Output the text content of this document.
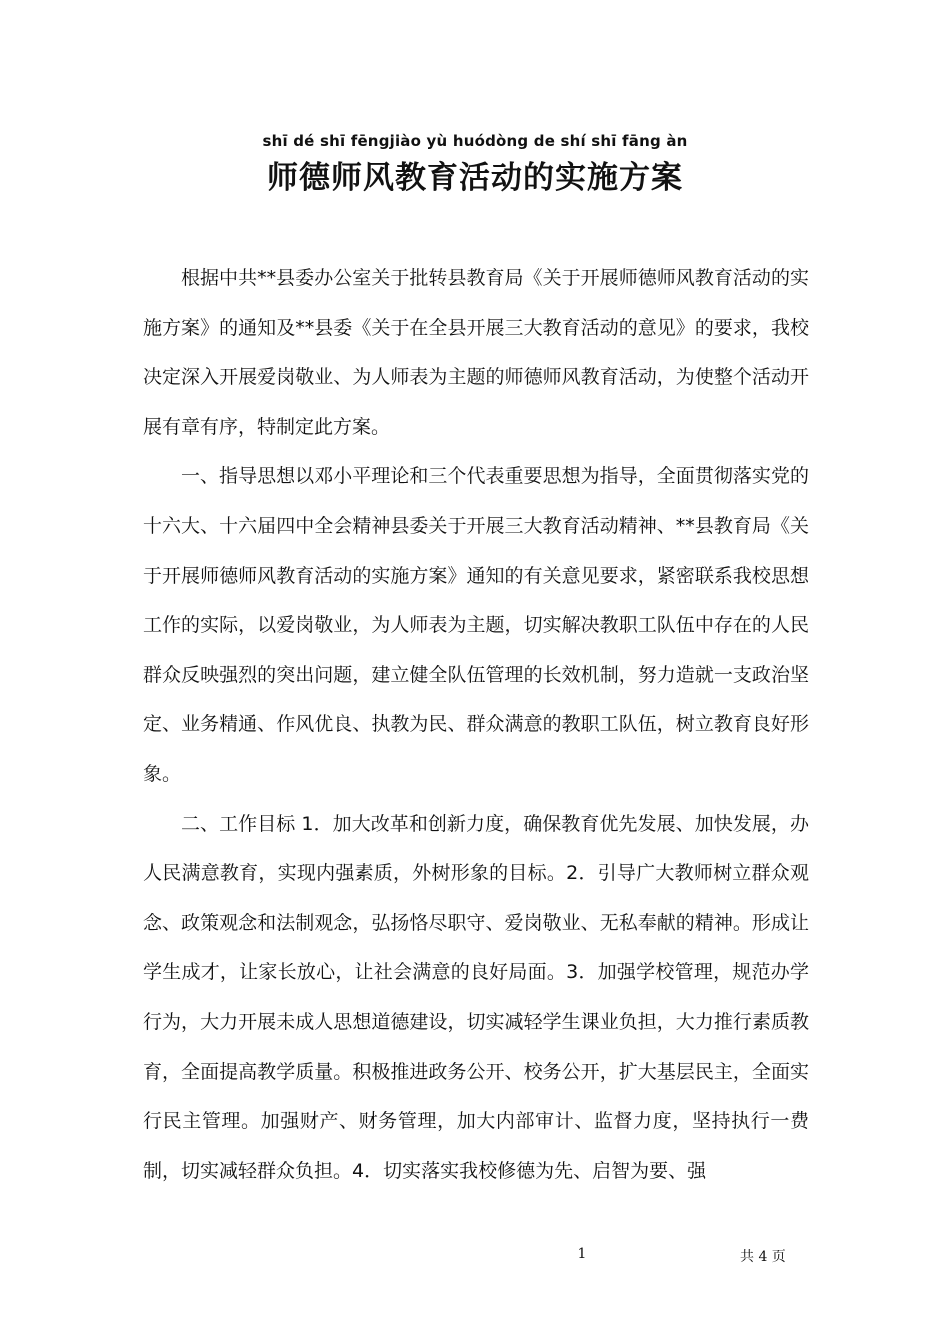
shī dé shī fēngjiào yù huódòng de shí shī fāng àn
师德师风教育活动的实施方案

根据中共**县委办公室关于批转县教育局《关于开展师德师风教育活动的实施方案》的通知及**县委《关于在全县开展三大教育活动的意见》的要求，我校决定深入开展爱岗敬业、为人师表为主题的师德师风教育活动，为使整个活动开展有章有序，特制定此方案。

一、指导思想以邓小平理论和三个代表重要思想为指导，全面贯彻落实党的十六大、十六届四中全会精神县委关于开展三大教育活动精神、**县教育局《关于开展师德师风教育活动的实施方案》通知的有关意见要求，紧密联系我校思想工作的实际，以爱岗敬业，为人师表为主题，切实解决教职工队伍中存在的人民群众反映强烈的突出问题，建立健全队伍管理的长效机制，努力造就一支政治坚定、业务精通、作风优良、执教为民、群众满意的教职工队伍，树立教育良好形象。

二、工作目标 1．加大改革和创新力度，确保教育优先发展、加快发展，办人民满意教育，实现内强素质，外树形象的目标。2．引导广大教师树立群众观念、政策观念和法制观念，弘扬恪尽职守、爱岗敬业、无私奉献的精神。形成让学生成才，让家长放心，让社会满意的良好局面。3．加强学校管理，规范办学行为，大力开展未成人思想道德建设，切实减轻学生课业负担，大力推行素质教育，全面提高教学质量。积极推进政务公开、校务公开，扩大基层民主，全面实行民主管理。加强财产、财务管理，加大内部审计、监督力度，坚持执行一费制，切实减轻群众负担。4．切实落实我校修德为先、启智为要、强

1	共 4 页
